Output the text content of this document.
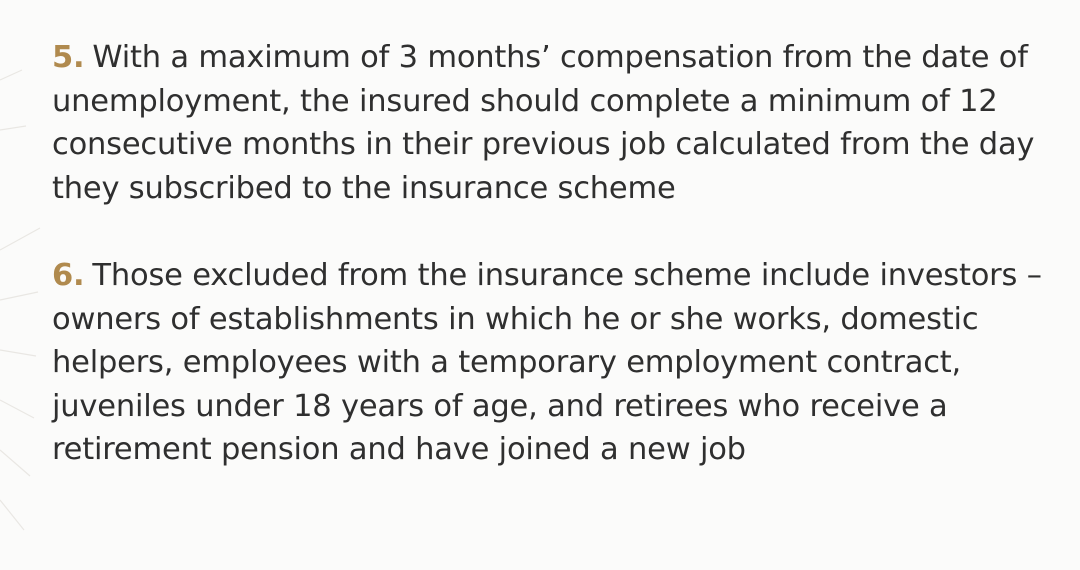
5. With a maximum of 3 months’ compensation from the date of unemployment, the insured should complete a minimum of 12 consecutive months in their previous job calculated from the day they subscribed to the insurance scheme

6. Those excluded from the insurance scheme include investors – owners of establishments in which he or she works, domestic helpers, employees with a temporary employment contract, juveniles under 18 years of age, and retirees who receive a retirement pension and have joined a new job
